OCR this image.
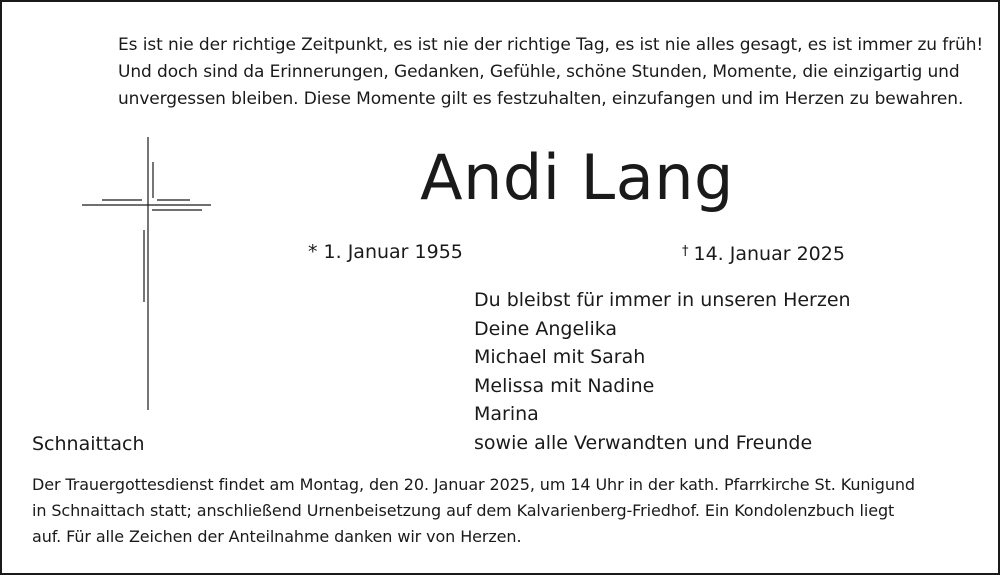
Es ist nie der richtige Zeitpunkt, es ist nie der richtige Tag, es ist nie alles gesagt, es ist immer zu früh!
Und doch sind da Erinnerungen, Gedanken, Gefühle, schöne Stunden, Momente, die einzigartig und
unvergessen bleiben. Diese Momente gilt es festzuhalten, einzufangen und im Herzen zu bewahren.
Andi Lang
* 1. Januar 1955	† 14. Januar 2025
Du bleibst für immer in unseren Herzen
Deine Angelika
Michael mit Sarah
Melissa mit Nadine
Marina
sowie alle Verwandten und Freunde
Schnaittach
Der Trauergottesdienst findet am Montag, den 20. Januar 2025, um 14 Uhr in der kath. Pfarrkirche St. Kunigund
in Schnaittach statt; anschließend Urnenbeisetzung auf dem Kalvarienberg-Friedhof. Ein Kondolenzbuch liegt
auf. Für alle Zeichen der Anteilnahme danken wir von Herzen.
